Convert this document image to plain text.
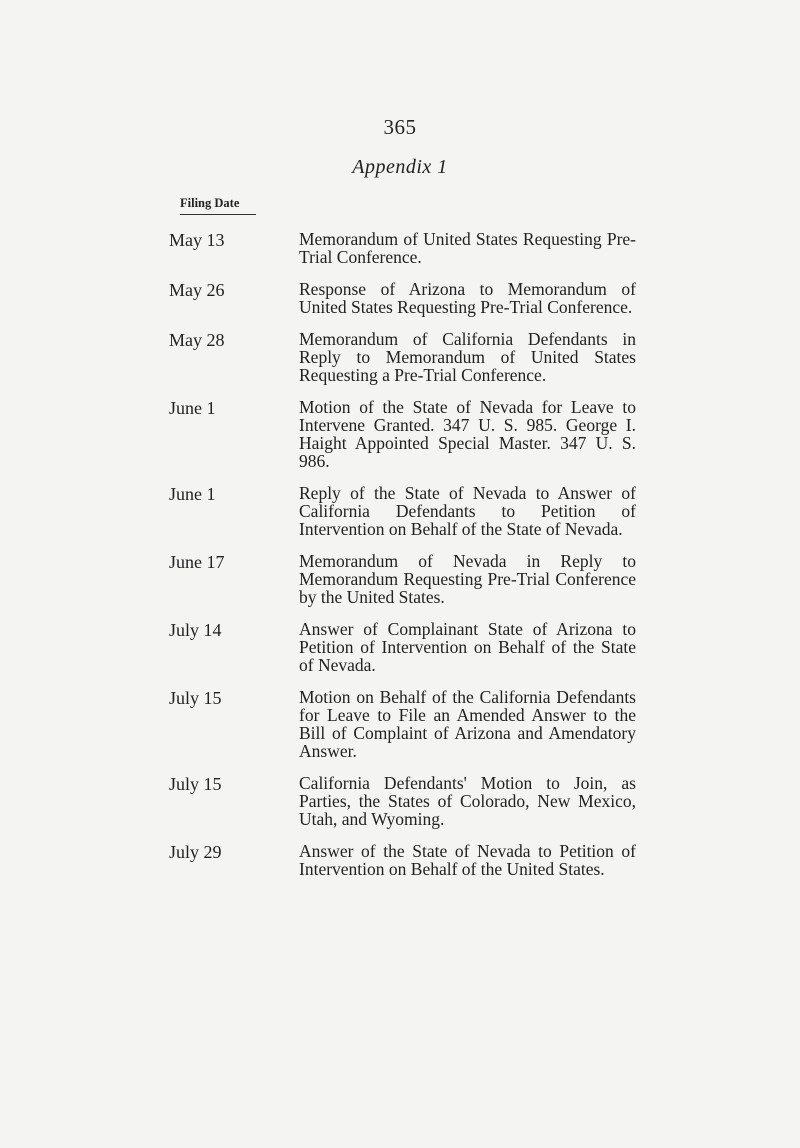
365
Appendix 1
Filing Date
May 13	Memorandum of United States Requesting Pre-Trial Conference.
May 26	Response of Arizona to Memorandum of United States Requesting Pre-Trial Conference.
May 28	Memorandum of California Defendants in Reply to Memorandum of United States Requesting a Pre-Trial Conference.
June 1	Motion of the State of Nevada for Leave to Intervene Granted. 347 U. S. 985. George I. Haight Appointed Special Master. 347 U. S. 986.
June 1	Reply of the State of Nevada to Answer of California Defendants to Petition of Intervention on Behalf of the State of Nevada.
June 17	Memorandum of Nevada in Reply to Memorandum Requesting Pre-Trial Conference by the United States.
July 14	Answer of Complainant State of Arizona to Petition of Intervention on Behalf of the State of Nevada.
July 15	Motion on Behalf of the California Defendants for Leave to File an Amended Answer to the Bill of Complaint of Arizona and Amendatory Answer.
July 15	California Defendants' Motion to Join, as Parties, the States of Colorado, New Mexico, Utah, and Wyoming.
July 29	Answer of the State of Nevada to Petition of Intervention on Behalf of the United States.
